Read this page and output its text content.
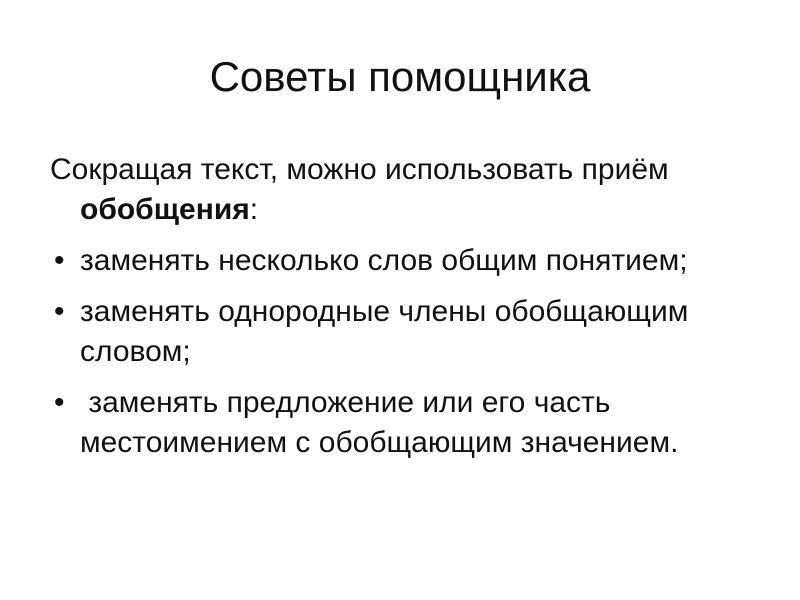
Советы помощника

Сокращая текст, можно использовать приём обобщения:

• заменять несколько слов общим понятием;
• заменять однородные члены обобщающим словом;
• заменять предложение или его часть местоимением с обобщающим значением.
